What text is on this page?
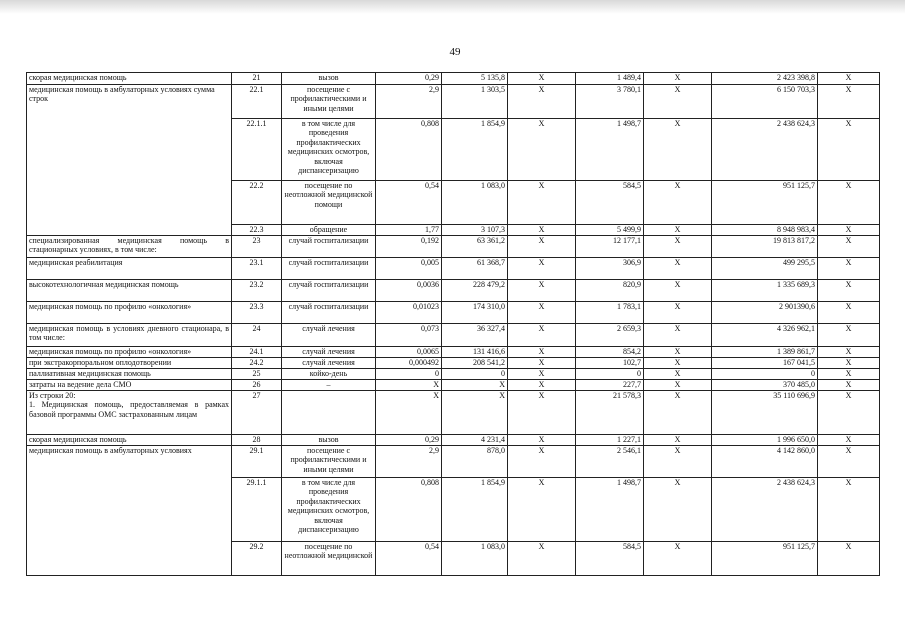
49
скорая медицинская помощь	21	вызов	0,29	5 135,8	Х	1 489,4	Х	2 423 398,8	Х
медицинская помощь в амбулаторных условиях сумма строк	22.1	посещение с профилактическими и иными целями	2,9	1 303,5	Х	3 780,1	Х	6 150 703,3	Х
	22.1.1	в том числе для проведения профилактических медицинских осмотров, включая диспансеризацию	0,808	1 854,9	Х	1 498,7	Х	2 438 624,3	Х
	22.2	посещение по неотложной медицинской помощи	0,54	1 083,0	Х	584,5	Х	951 125,7	Х
	22.3	обращение	1,77	3 107,3	Х	5 499,9	Х	8 948 983,4	Х
специализированная медицинская помощь в стационарных условиях, в том числе:	23	случай госпитализации	0,192	63 361,2	Х	12 177,1	Х	19 813 817,2	Х
медицинская реабилитация	23.1	случай госпитализации	0,005	61 368,7	Х	306,9	Х	499 295,5	Х
высокотехнологичная медицинская помощь	23.2	случай госпитализации	0,0036	228 479,2	Х	820,9	Х	1 335 689,3	Х
медицинская помощь по профилю «онкология»	23.3	случай госпитализации	0,01023	174 310,0	Х	1 783,1	Х	2 901390,6	Х
медицинская помощь в условиях дневного стационара, в том числе:	24	случай лечения	0,073	36 327,4	Х	2 659,3	Х	4 326 962,1	Х
медицинская помощь по профилю «онкология»	24.1	случай лечения	0,0065	131 416,6	Х	854,2	Х	1 389 861,7	Х
при экстракорпоральном оплодотворении	24.2	случай лечения	0,000492	208 541,2	Х	102,7	Х	167 041,5	Х
паллиативная медицинская помощь	25	койко-день	0	0	Х	0	Х	0	Х
затраты на ведение дела СМО	26	–	Х	Х	Х	227,7	Х	370 485,0	Х
Из строки 20:
1. Медицинская помощь, предоставляемая в рамках базовой программы ОМС застрахованным лицам	27		Х	Х	Х	21 578,3	Х	35 110 696,9	Х
скорая медицинская помощь	28	вызов	0,29	4 231,4	Х	1 227,1	Х	1 996 650,0	Х
медицинская помощь в амбулаторных условиях	29.1	посещение с профилактическими и иными целями	2,9	878,0	Х	2 546,1	Х	4 142 860,0	Х
	29.1.1	в том числе для проведения профилактических медицинских осмотров, включая диспансеризацию	0,808	1 854,9	Х	1 498,7	Х	2 438 624,3	Х
	29.2	посещение по неотложной медицинской	0,54	1 083,0	Х	584,5	Х	951 125,7	Х
